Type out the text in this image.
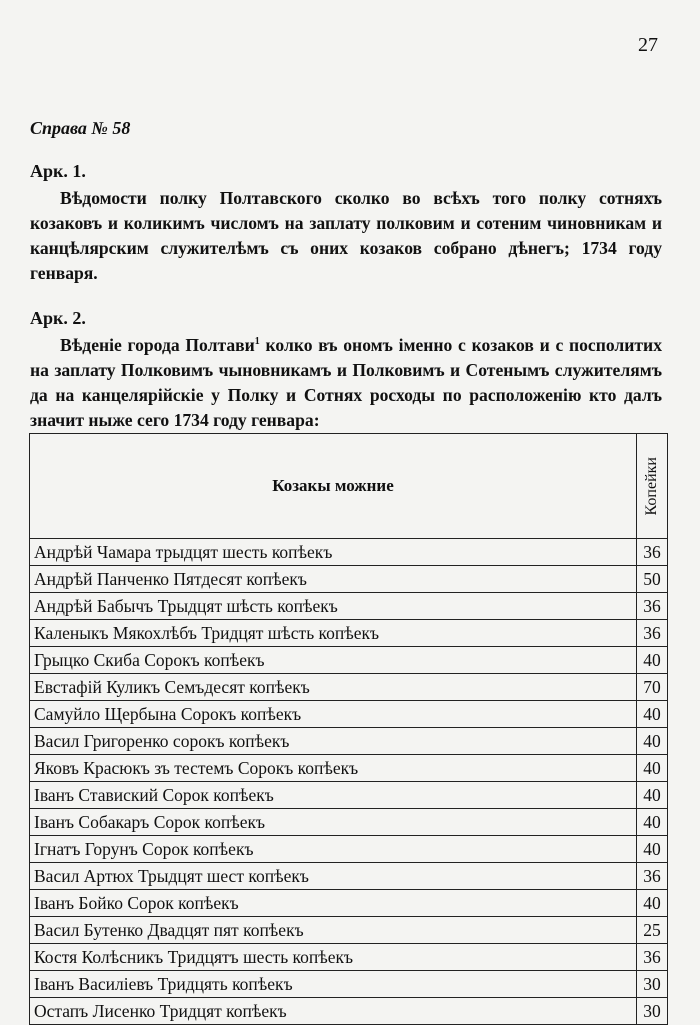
27
Справа № 58
Арк. 1.

Вѣдомости полку Полтавского сколко во всѣхъ того полку сотняхъ козаковъ и коликимъ числомъ на заплату полковим и сотеним чиновникам и канцѣлярским служителѣмъ съ оних козаков собрано дѣнегъ; 1734 году генваря.

Арк. 2.

Вѣденіе города Полтави$^1$ колко въ ономъ іменно с козаков и с посполитих на заплату Полковимъ чыновникамъ и Полковимъ и Сотенымъ служителямъ да на канцелярійскіе у Полку и Сотнях росходы по расположенію кто далъ значит ныже сего 1734 году генвара:

Козакы можние	Копейки

Андрѣй Чамара трыдцят шесть копѣекъ	36
Андрѣй Панченко Пятдесят копѣекъ	50
Андрѣй Бабычъ Трыдцят шѣсть копѣекъ	36
Каленыкъ Мякохлѣбъ Тридцят шѣсть копѣекъ	36
Грыцко Скиба Сорокъ копѣекъ	40
Евстафій Куликъ Семъдесят копѣекъ	70
Самуйло Щербына Сорокъ копѣекъ	40
Васил Григоренко сорокъ копѣекъ	40
Яковъ Красюкъ зъ тестемъ Сорокъ копѣекъ	40
Іванъ Ставиский Сорок копѣекъ	40
Іванъ Собакаръ Сорок копѣекъ	40
Ігнатъ Горунъ Сорок копѣекъ	40
Васил Артюх Трыдцят шест копѣекъ	36
Іванъ Бойко Сорок копѣекъ	40
Васил Бутенко Двадцят пят копѣекъ	25
Костя Колѣсникъ Тридцятъ шесть копѣекъ	36
Іванъ Василіевъ Тридцять копѣекъ	30
Остапъ Лисенко Тридцят копѣекъ	30
